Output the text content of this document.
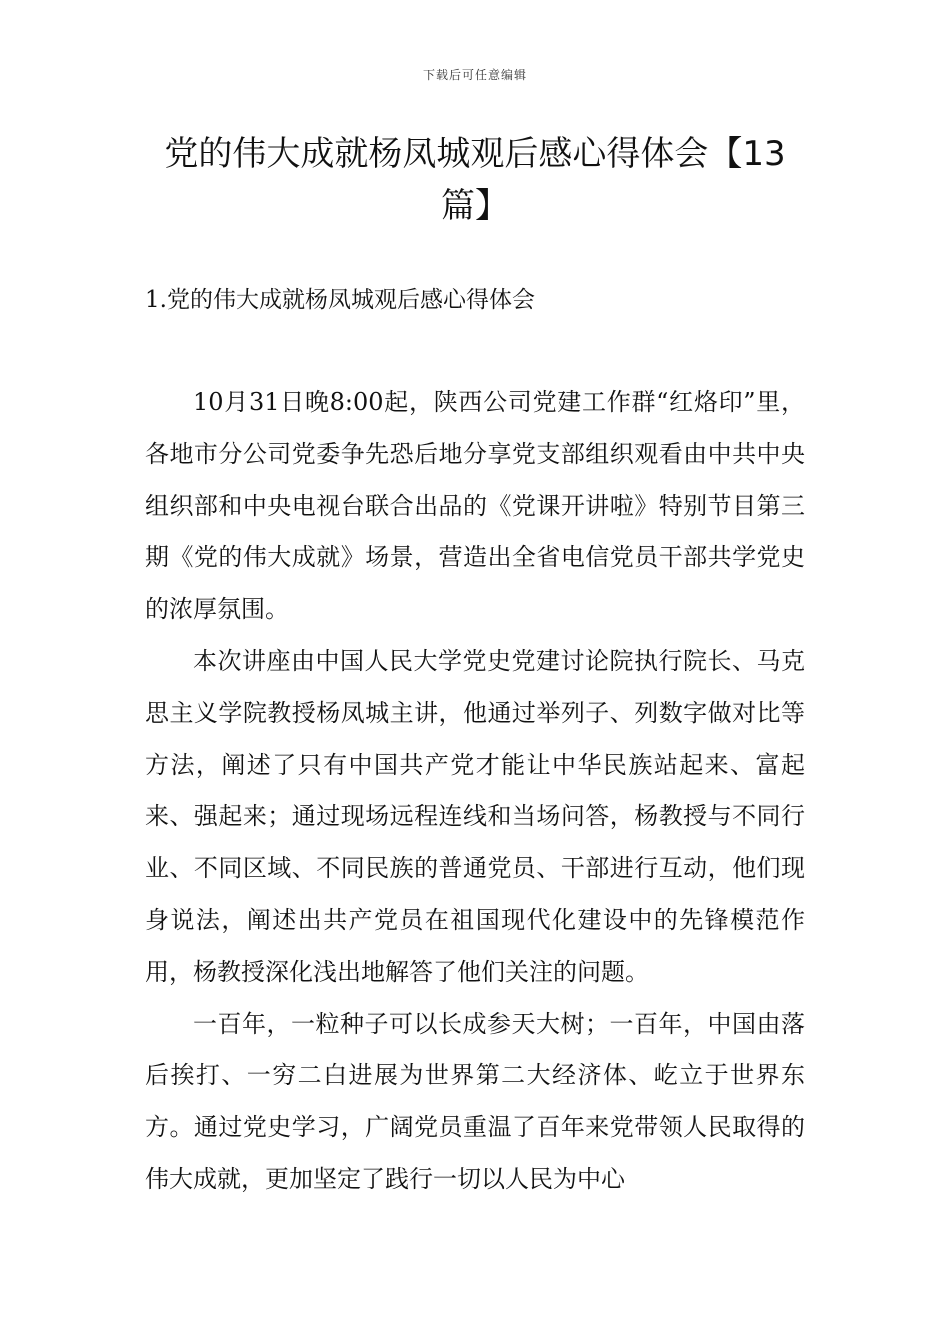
下载后可任意编辑
党的伟大成就杨凤城观后感心得体会【13篇】
1.党的伟大成就杨凤城观后感心得体会

10月31日晚8:00起，陕西公司党建工作群“红烙印”里，各地市分公司党委争先恐后地分享党支部组织观看由中共中央组织部和中央电视台联合出品的《党课开讲啦》特别节目第三期《党的伟大成就》场景，营造出全省电信党员干部共学党史的浓厚氛围。

本次讲座由中国人民大学党史党建讨论院执行院长、马克思主义学院教授杨凤城主讲，他通过举列子、列数字做对比等方法，阐述了只有中国共产党才能让中华民族站起来、富起来、强起来；通过现场远程连线和当场问答，杨教授与不同行业、不同区域、不同民族的普通党员、干部进行互动，他们现身说法，阐述出共产党员在祖国现代化建设中的先锋模范作用，杨教授深化浅出地解答了他们关注的问题。

一百年，一粒种子可以长成参天大树；一百年，中国由落后挨打、一穷二白进展为世界第二大经济体、屹立于世界东方。通过党史学习，广阔党员重温了百年来党带领人民取得的伟大成就，更加坚定了践行一切以人民为中心
